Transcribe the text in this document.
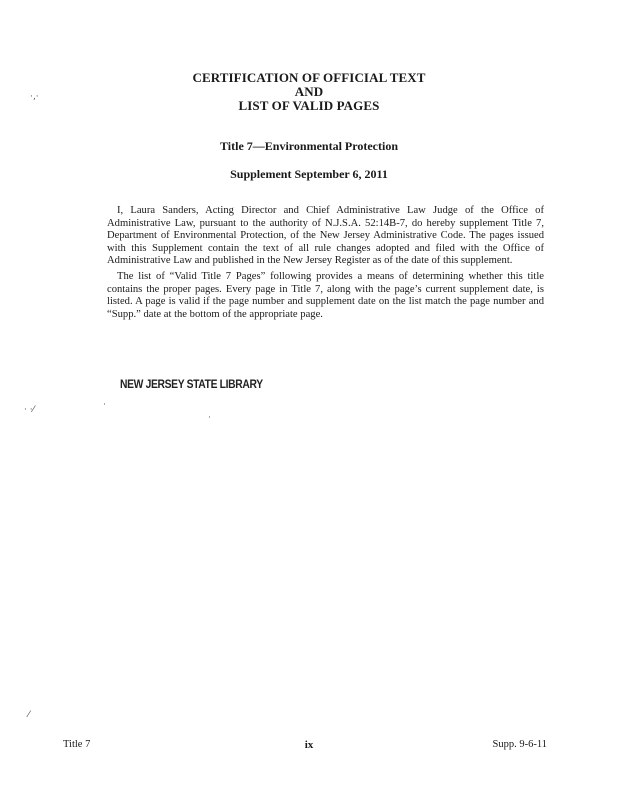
CERTIFICATION OF OFFICIAL TEXT
AND
LIST OF VALID PAGES
Title 7—Environmental Protection
Supplement September 6, 2011

I, Laura Sanders, Acting Director and Chief Administrative Law Judge of the Office of Administrative Law, pursuant to the authority of N.J.S.A. 52:14B-7, do hereby supplement Title 7, Department of Environmental Protection, of the New Jersey Administrative Code. The pages issued with this Supplement contain the text of all rule changes adopted and filed with the Office of Administrative Law and published in the New Jersey Register as of the date of this supplement.

The list of “Valid Title 7 Pages” following provides a means of determining whether this title contains the proper pages. Every page in Title 7, along with the page’s current supplement date, is listed. A page is valid if the page number and supplement date on the list match the page number and “Supp.” date at the bottom of the appropriate page.

NEW JERSEY STATE LIBRARY
·‚·
· ·⁄
⁄
·
·
Title 7	ix	Supp. 9-6-11
